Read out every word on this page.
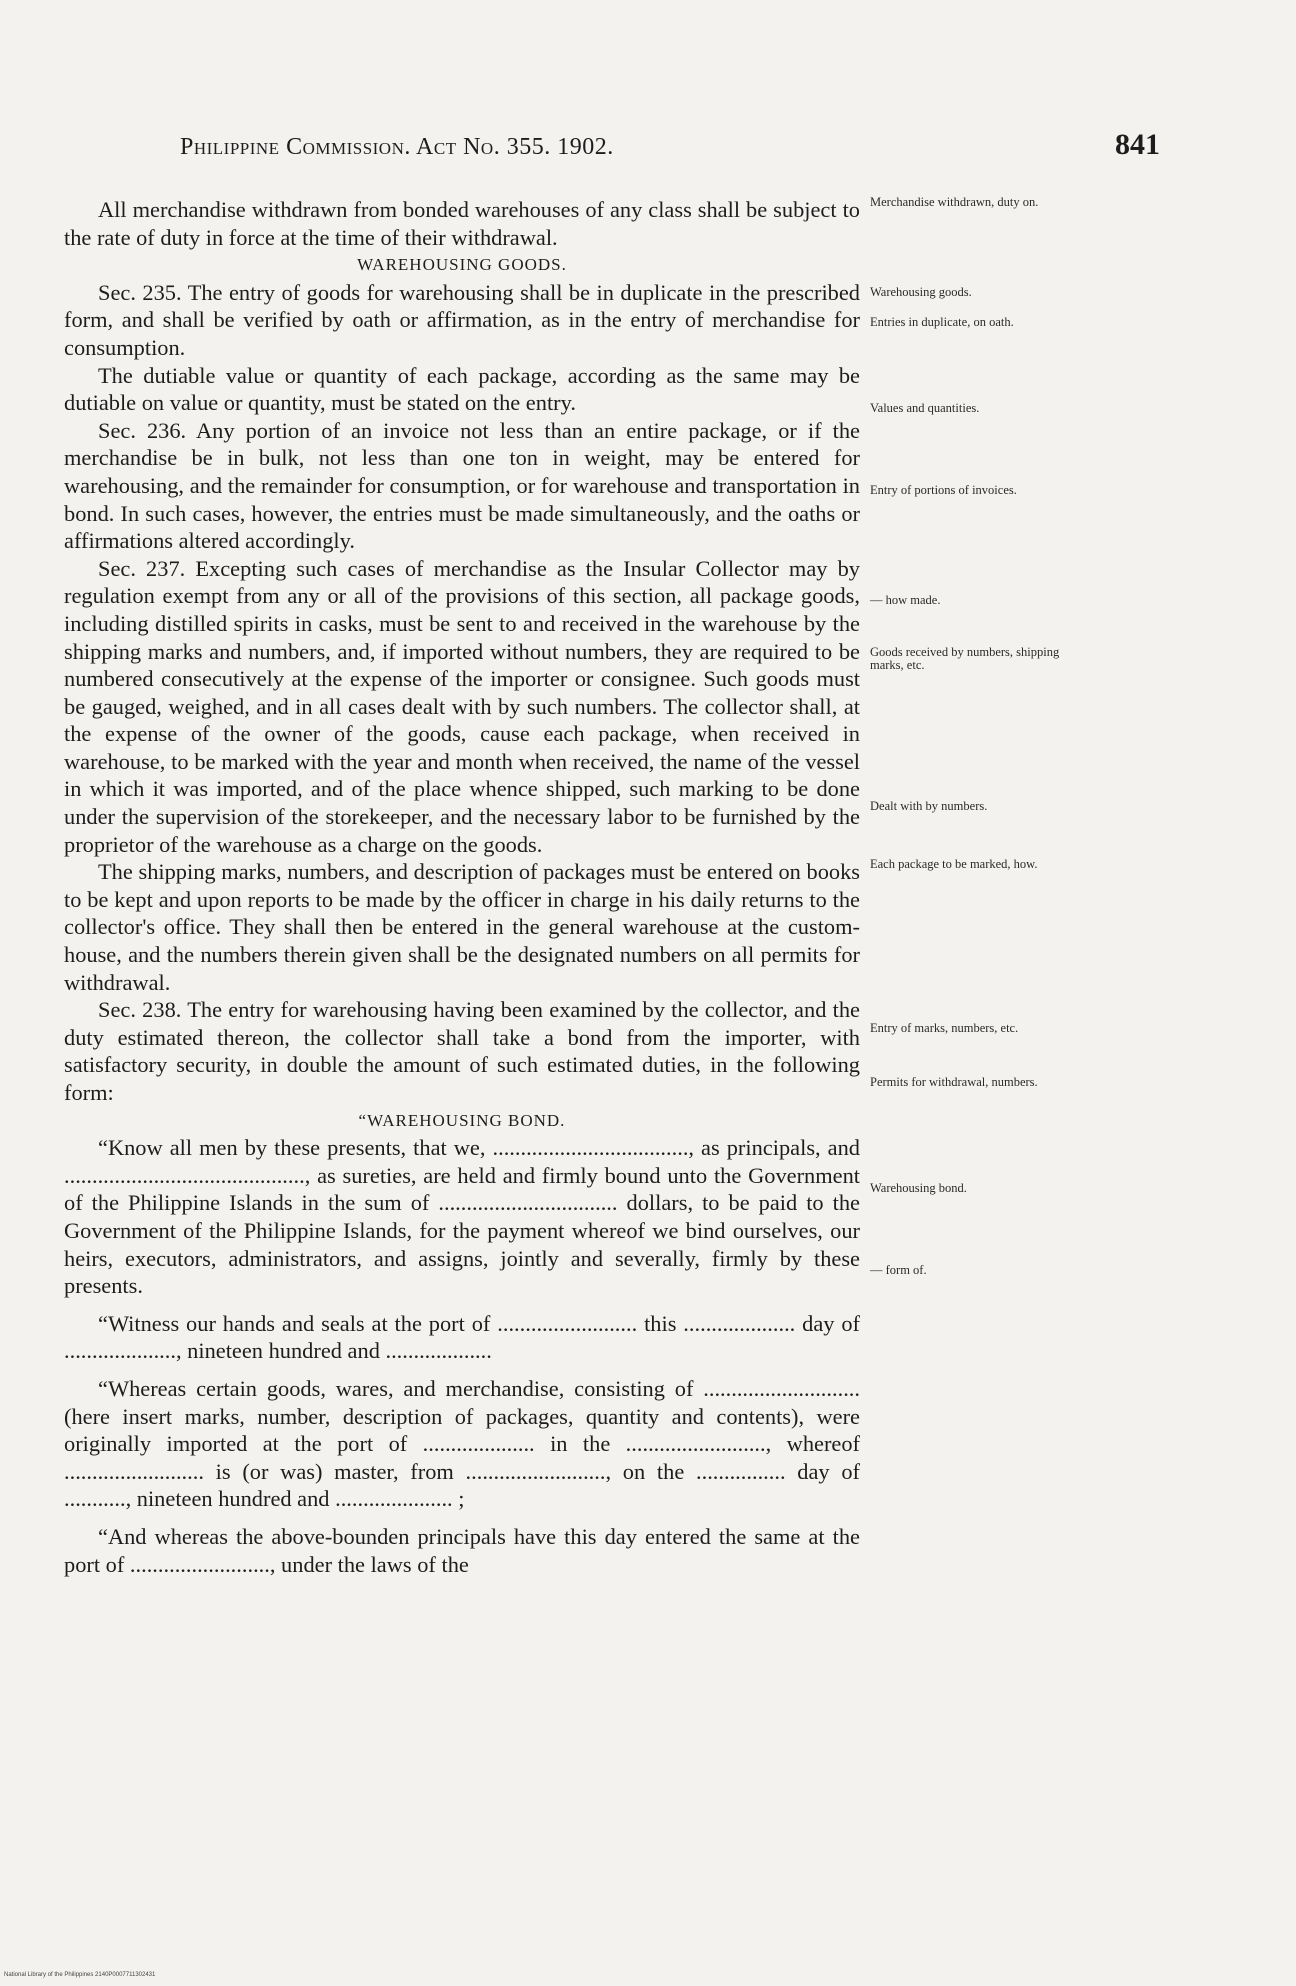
Philippine Commission. Act No. 355. 1902.	841

All merchandise withdrawn from bonded warehouses of any class shall be subject to the rate of duty in force at the time of their withdrawal.

WAREHOUSING GOODS.

Sec. 235. The entry of goods for warehousing shall be in duplicate in the prescribed form, and shall be verified by oath or affirmation, as in the entry of merchandise for consumption.

The dutiable value or quantity of each package, according as the same may be dutiable on value or quantity, must be stated on the entry.

Sec. 236. Any portion of an invoice not less than an entire package, or if the merchandise be in bulk, not less than one ton in weight, may be entered for warehousing, and the remainder for consumption, or for warehouse and transportation in bond. In such cases, however, the entries must be made simultaneously, and the oaths or affirmations altered accordingly.

Sec. 237. Excepting such cases of merchandise as the Insular Collector may by regulation exempt from any or all of the provisions of this section, all package goods, including distilled spirits in casks, must be sent to and received in the warehouse by the shipping marks and numbers, and, if imported without numbers, they are required to be numbered consecutively at the expense of the importer or consignee. Such goods must be gauged, weighed, and in all cases dealt with by such numbers. The collector shall, at the expense of the owner of the goods, cause each package, when received in warehouse, to be marked with the year and month when received, the name of the vessel in which it was imported, and of the place whence shipped, such marking to be done under the supervision of the storekeeper, and the necessary labor to be furnished by the proprietor of the warehouse as a charge on the goods.

The shipping marks, numbers, and description of packages must be entered on books to be kept and upon reports to be made by the officer in charge in his daily returns to the collector's office. They shall then be entered in the general warehouse at the custom-house, and the numbers therein given shall be the designated numbers on all permits for withdrawal.

Sec. 238. The entry for warehousing having been examined by the collector, and the duty estimated thereon, the collector shall take a bond from the importer, with satisfactory security, in double the amount of such estimated duties, in the following form:

“WAREHOUSING BOND.

“Know all men by these presents, that we, ..................................., as principals, and ..........................................., as sureties, are held and firmly bound unto the Government of the Philippine Islands in the sum of ................................ dollars, to be paid to the Government of the Philippine Islands, for the payment whereof we bind ourselves, our heirs, executors, administrators, and assigns, jointly and severally, firmly by these presents.

“Witness our hands and seals at the port of ......................... this .................... day of ...................., nineteen hundred and ...................

“Whereas certain goods, wares, and merchandise, consisting of ............................ (here insert marks, number, description of packages, quantity and contents), were originally imported at the port of .................... in the ........................., whereof ......................... is (or was) master, from ........................., on the ................ day of ..........., nineteen hundred and ..................... ;

“And whereas the above-bounden principals have this day entered the same at the port of ........................., under the laws of the

Merchandise withdrawn, duty on.
Warehousing goods.
Entries in duplicate, on oath.
Values and quantities.
Entry of portions of invoices.
— how made.
Goods received by numbers, shipping marks, etc.
Dealt with by numbers.
Each package to be marked, how.
Entry of marks, numbers, etc.
Permits for withdrawal, numbers.
Warehousing bond.
— form of.
National Library of the Philippines 2140P0007711302431
